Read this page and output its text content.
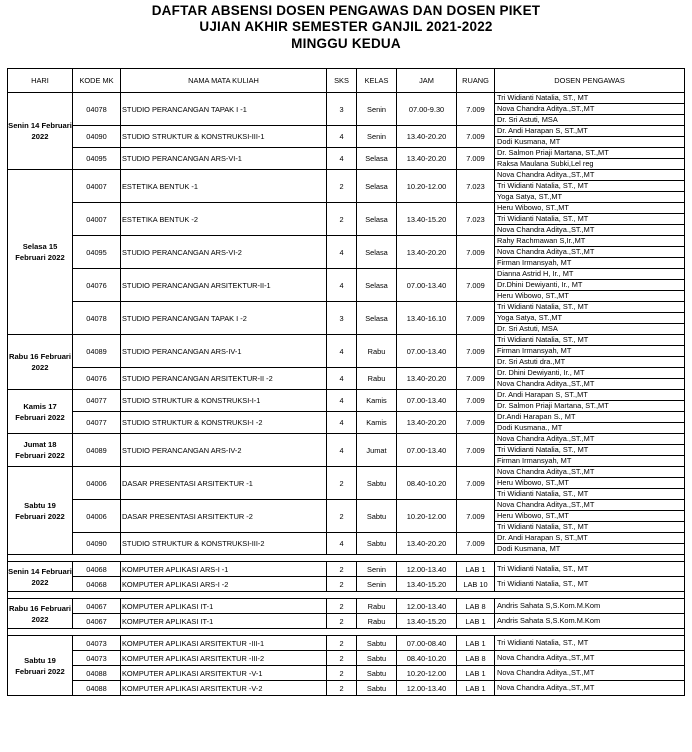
DAFTAR ABSENSI DOSEN PENGAWAS DAN DOSEN PIKET
UJIAN AKHIR SEMESTER GANJIL 2021-2022
MINGGU KEDUA
HARI	KODE MK	NAMA MATA KULIAH	SKS	KELAS	JAM	RUANG	DOSEN PENGAWAS
Senin 14 Februari 2022	04078	STUDIO PERANCANGAN TAPAK I -1	3	Senin	07.00-9.30	7.009	Tri Widianti Natalia, ST., MT
Nova Chandra Aditya.,ST.,MT
Dr. Sri Astuti, MSA

	04090	STUDIO STRUKTUR & KONSTRUKSI-III-1	4	Senin	13.40-20.20	7.009	Dr. Andi Harapan S, ST.,MT
Dodi Kusmana, MT

	04095	STUDIO PERANCANGAN ARS-VI-1	4	Selasa	13.40-20.20	7.009	Dr. Salmon Priaji Martana, ST.,MT
Raksa Maulana Subki,Lel reg

Selasa 15 Februari 2022	04007	ESTETIKA BENTUK -1	2	Selasa	10.20-12.00	7.023	Nova Chandra Aditya.,ST.,MT
Tri Widianti Natalia, ST., MT
Yoga Satya, ST.,MT

	04007	ESTETIKA BENTUK -2	2	Selasa	13.40-15.20	7.023	Heru Wibowo, ST.,MT
Tri Widianti Natalia, ST., MT
Nova Chandra Aditya.,ST.,MT

	04095	STUDIO PERANCANGAN ARS-VI-2	4	Selasa	13.40-20.20	7.009	Rahy Rachmawan S,Ir.,MT
Nova Chandra Aditya.,ST.,MT
Firman Irmansyah, MT

	04076	STUDIO PERANCANGAN ARSITEKTUR-II-1	4	Selasa	07.00-13.40	7.009	Dianna Astrid H, Ir., MT
Dr.Dhini Dewiyanti, Ir., MT
Heru Wibowo, ST.,MT

	04078	STUDIO PERANCANGAN TAPAK I -2	3	Selasa	13.40-16.10	7.009	Tri Widianti Natalia, ST., MT
Yoga Satya, ST.,MT
Dr. Sri Astuti, MSA

Rabu 16 Februari 2022	04089	STUDIO PERANCANGAN ARS-IV-1	4	Rabu	07.00-13.40	7.009	Tri Widianti Natalia, ST., MT
Firman Irmansyah, MT
Dr. Sri Astuti dra.,MT

	04076	STUDIO PERANCANGAN ARSITEKTUR-II -2	4	Rabu	13.40-20.20	7.009	Dr. Dhini Dewiyanti, Ir., MT
Nova Chandra Aditya.,ST.,MT

Kamis 17 Februari 2022	04077	STUDIO STRUKTUR & KONSTRUKSI-I-1	4	Kamis	07.00-13.40	7.009	Dr. Andi Harapan S, ST.,MT
Dr. Salmon Priaji Martana, ST.,MT

	04077	STUDIO STRUKTUR & KONSTRUKSI-I -2	4	Kamis	13.40-20.20	7.009	Dr.Andi Harapan S., MT
Dodi Kusmana., MT

Jumat 18 Februari 2022	04089	STUDIO PERANCANGAN ARS-IV-2	4	Jumat	07.00-13.40	7.009	Nova Chandra Aditya.,ST.,MT
Tri Widianti Natalia, ST., MT
Firman Irmansyah, MT

Sabtu 19 Februari 2022	04006	DASAR PRESENTASI ARSITEKTUR -1	2	Sabtu	08.40-10.20	7.009	Nova Chandra Aditya.,ST.,MT
Heru Wibowo, ST.,MT
Tri Widianti Natalia, ST., MT

	04006	DASAR PRESENTASI ARSITEKTUR -2	2	Sabtu	10.20-12.00	7.009	Nova Chandra Aditya.,ST.,MT
Heru Wibowo, ST.,MT
Tri Widianti Natalia, ST., MT

	04090	STUDIO STRUKTUR & KONSTRUKSI-III-2	4	Sabtu	13.40-20.20	7.009	Dr. Andi Harapan S, ST.,MT
Dodi Kusmana, MT

Senin 14 Februari 2022	04068	KOMPUTER APLIKASI ARS-I -1	2	Senin	12.00-13.40	LAB 1	Tri Widianti Natalia, ST., MT

	04068	KOMPUTER APLIKASI ARS-I -2	2	Senin	13.40-15.20	LAB 10	Tri Widianti Natalia, ST., MT

Rabu 16 Februari 2022	04067	KOMPUTER APLIKASI IT-1	2	Rabu	12.00-13.40	LAB 8	Andris Sahata S,S.Kom.M.Kom

	04067	KOMPUTER APLIKASI IT-1	2	Rabu	13.40-15.20	LAB 1	Andris Sahata S,S.Kom.M.Kom

Sabtu 19 Februari 2022	04073	KOMPUTER APLIKASI ARSITEKTUR -III-1	2	Sabtu	07.00-08.40	LAB 1	Tri Widianti Natalia, ST., MT

	04073	KOMPUTER APLIKASI ARSITEKTUR -III-2	2	Sabtu	08.40-10.20	LAB 8	Nova Chandra Aditya.,ST.,MT

	04088	KOMPUTER APLIKASI ARSITEKTUR -V-1	2	Sabtu	10.20-12.00	LAB 1	Nova Chandra Aditya.,ST.,MT

	04088	KOMPUTER APLIKASI ARSITEKTUR -V-2	2	Sabtu	12.00-13.40	LAB 1	Nova Chandra Aditya.,ST.,MT
